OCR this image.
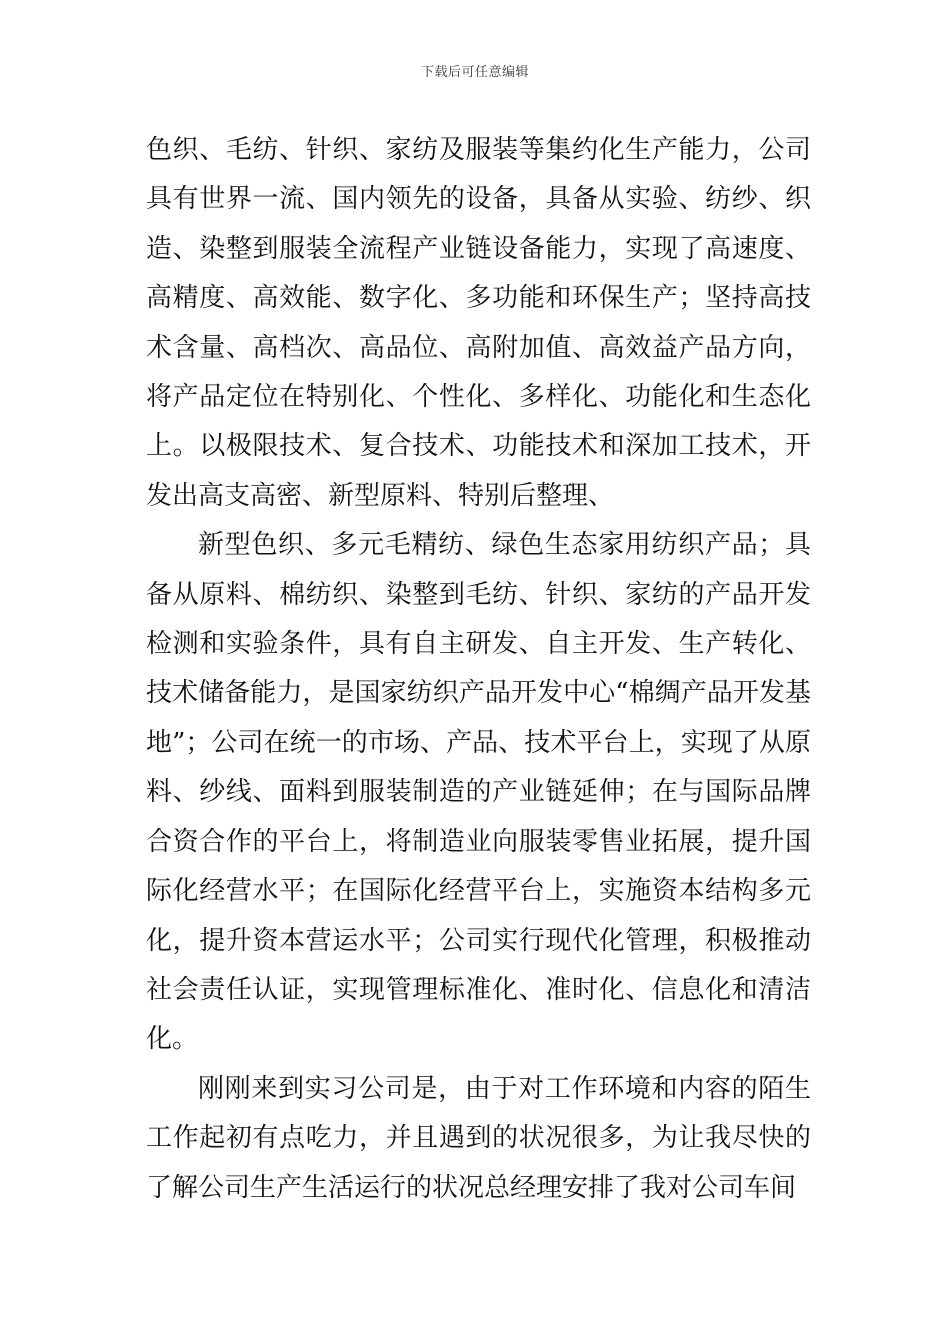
下载后可任意编辑

色织、毛纺、针织、家纺及服装等集约化生产能力，公司具有世界一流、国内领先的设备，具备从实验、纺纱、织造、染整到服装全流程产业链设备能力，实现了高速度、高精度、高效能、数字化、多功能和环保生产；坚持高技术含量、高档次、高品位、高附加值、高效益产品方向，将产品定位在特别化、个性化、多样化、功能化和生态化上。以极限技术、复合技术、功能技术和深加工技术，开发出高支高密、新型原料、特别后整理、

新型色织、多元毛精纺、绿色生态家用纺织产品；具备从原料、棉纺织、染整到毛纺、针织、家纺的产品开发检测和实验条件，具有自主研发、自主开发、生产转化、技术储备能力，是国家纺织产品开发中心“棉绸产品开发基地”；公司在统一的市场、产品、技术平台上，实现了从原料、纱线、面料到服装制造的产业链延伸；在与国际品牌合资合作的平台上，将制造业向服装零售业拓展，提升国际化经营水平；在国际化经营平台上，实施资本结构多元化，提升资本营运水平；公司实行现代化管理，积极推动社会责任认证，实现管理标准化、准时化、信息化和清洁化。

刚刚来到实习公司是，由于对工作环境和内容的陌生工作起初有点吃力，并且遇到的状况很多，为让我尽快的了解公司生产生活运行的状况总经理安排了我对公司车间
